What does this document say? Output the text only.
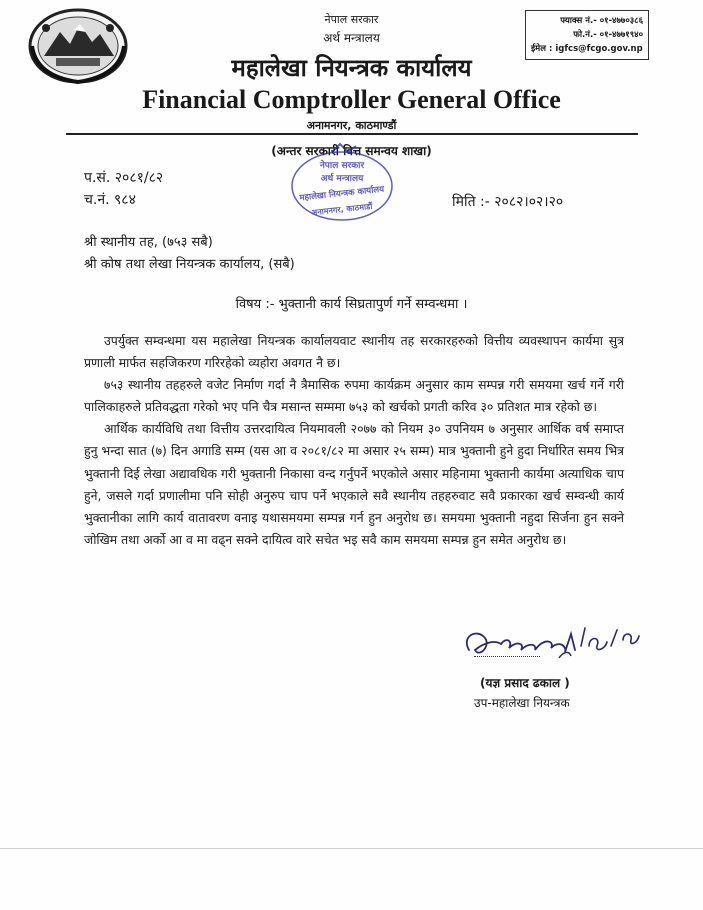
नेपाल सरकार
अर्थ मन्त्रालय
फ्याक्स नं.- ०१-४७७०३८६
फो.नं.- ०१-४७७१९४०
ईमेल : igfcs@fcgo.gov.np
महालेखा नियन्त्रक कार्यालय
Financial Comptroller General Office
अनामनगर, काठमाण्डौं
(अन्तर सरकारी वित्त समन्वय शाखा)
नेपाल सरकार
अर्थ मन्त्रालय
महालेखा नियन्त्रक कार्यालय
अनामनगर, काठमाडौं
प.सं. २०८१/८२
च.नं. ९८४	मिति :- २०८२।०२।२०
श्री स्थानीय तह, (७५३ सबै)
श्री कोष तथा लेखा नियन्त्रक कार्यालय, (सबै)
विषय :- भुक्तानी कार्य सिघ्रतापुर्ण गर्ने सम्वन्धमा ।

उपर्युक्त सम्वन्धमा यस महालेखा नियन्त्रक कार्यालयवाट स्थानीय तह सरकारहरुको वित्तीय व्यवस्थापन कार्यमा सुत्र प्रणाली मार्फत सहजिकरण गरिरहेको व्यहोरा अवगत नै छ।

७५३ स्थानीय तहहरुले वजेट निर्माण गर्दा नै त्रैमासिक रुपमा कार्यक्रम अनुसार काम सम्पन्न गरी समयमा खर्च गर्ने गरी पालिकाहरुले प्रतिवद्धता गरेको भए पनि चैत्र मसान्त सम्ममा ७५३ को खर्चको प्रगती करिव ३० प्रतिशत मात्र रहेको छ।

आर्थिक कार्यविधि तथा वित्तीय उत्तरदायित्व नियमावली २०७७ को नियम ३० उपनियम ७ अनुसार आर्थिक वर्ष समाप्त हुनु भन्दा सात (७) दिन अगाडि सम्म (यस आ व २०८१/८२ मा असार २५ सम्म) मात्र भुक्तानी हुने हुदा निर्धारित समय भित्र भुक्तानी दिई लेखा अद्यावधिक गरी भुक्तानी निकासा वन्द गर्नुपर्ने भएकोले असार महिनामा भुक्तानी कार्यमा अत्याधिक चाप हुने, जसले गर्दा प्रणालीमा पनि सोही अनुरुप चाप पर्ने भएकाले सवै स्थानीय तहहरुवाट सवै प्रकारका खर्च सम्वन्धी कार्य भुक्तानीका लागि कार्य वातावरण वनाइ यथासमयमा सम्पन्न गर्न हुन अनुरोध छ। समयमा भुक्तानी नहुदा सिर्जना हुन सक्ने जोखिम तथा अर्को आ व मा वढ्न सक्ने दायित्व वारे सचेत भइ सवै काम समयमा सम्पन्न हुन समेत अनुरोध छ।

(यज्ञ प्रसाद ढकाल )
उप-महालेखा नियन्त्रक
